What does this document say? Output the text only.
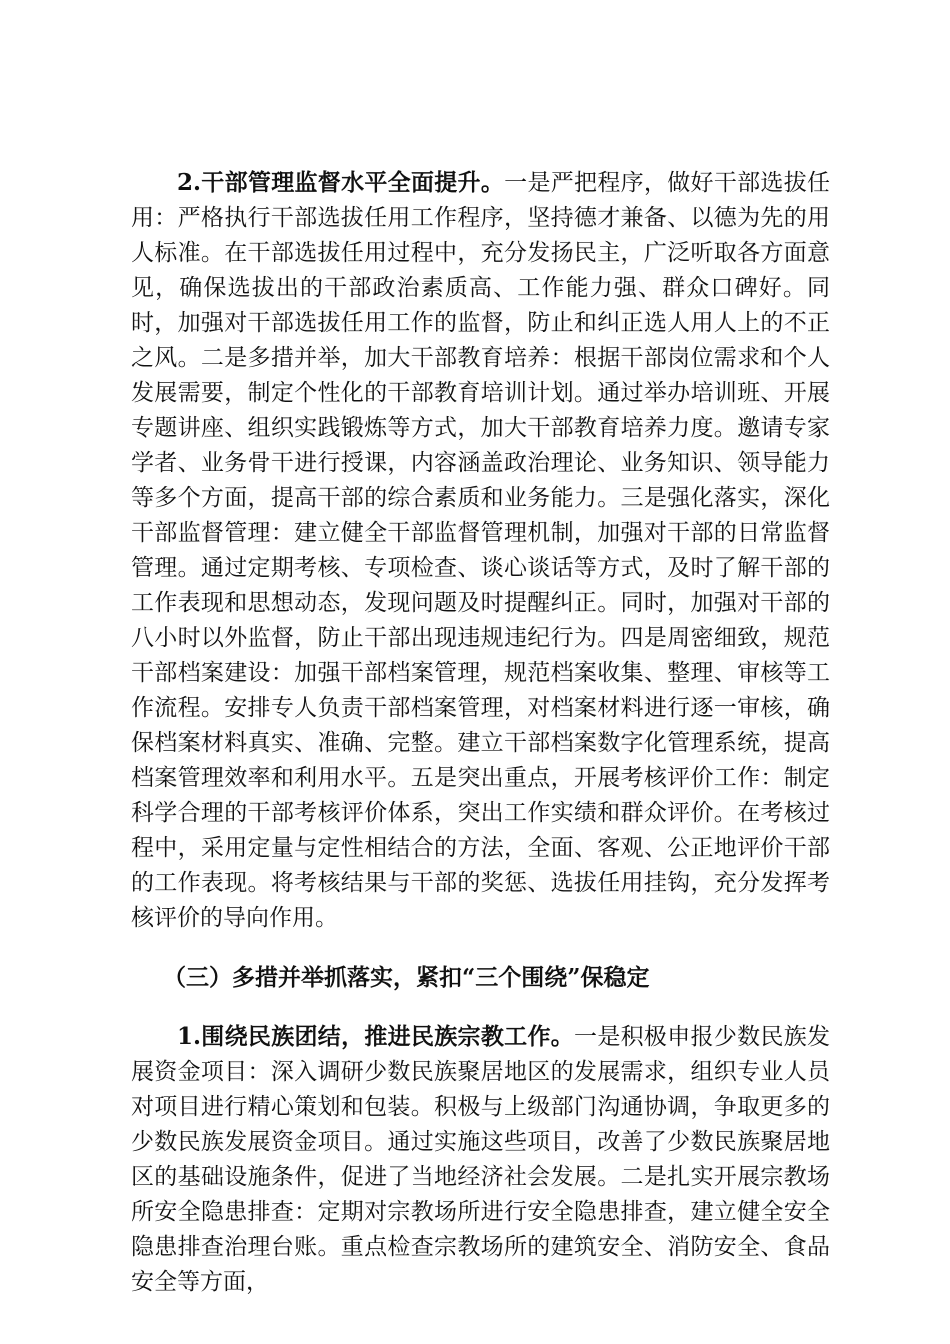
2.干部管理监督水平全面提升。一是严把程序，做好干部选拔任用：严格执行干部选拔任用工作程序，坚持德才兼备、以德为先的用人标准。在干部选拔任用过程中，充分发扬民主，广泛听取各方面意见，确保选拔出的干部政治素质高、工作能力强、群众口碑好。同时，加强对干部选拔任用工作的监督，防止和纠正选人用人上的不正之风。二是多措并举，加大干部教育培养：根据干部岗位需求和个人发展需要，制定个性化的干部教育培训计划。通过举办培训班、开展专题讲座、组织实践锻炼等方式，加大干部教育培养力度。邀请专家学者、业务骨干进行授课，内容涵盖政治理论、业务知识、领导能力等多个方面，提高干部的综合素质和业务能力。三是强化落实，深化干部监督管理：建立健全干部监督管理机制，加强对干部的日常监督管理。通过定期考核、专项检查、谈心谈话等方式，及时了解干部的工作表现和思想动态，发现问题及时提醒纠正。同时，加强对干部的八小时以外监督，防止干部出现违规违纪行为。四是周密细致，规范干部档案建设：加强干部档案管理，规范档案收集、整理、审核等工作流程。安排专人负责干部档案管理，对档案材料进行逐一审核，确保档案材料真实、准确、完整。建立干部档案数字化管理系统，提高档案管理效率和利用水平。五是突出重点，开展考核评价工作：制定科学合理的干部考核评价体系，突出工作实绩和群众评价。在考核过程中，采用定量与定性相结合的方法，全面、客观、公正地评价干部的工作表现。将考核结果与干部的奖惩、选拔任用挂钩，充分发挥考核评价的导向作用。

（三）多措并举抓落实，紧扣“三个围绕”保稳定

1.围绕民族团结，推进民族宗教工作。一是积极申报少数民族发展资金项目：深入调研少数民族聚居地区的发展需求，组织专业人员对项目进行精心策划和包装。积极与上级部门沟通协调，争取更多的少数民族发展资金项目。通过实施这些项目，改善了少数民族聚居地区的基础设施条件，促进了当地经济社会发展。二是扎实开展宗教场所安全隐患排查：定期对宗教场所进行安全隐患排查，建立健全安全隐患排查治理台账。重点检查宗教场所的建筑安全、消防安全、食品安全等方面，
